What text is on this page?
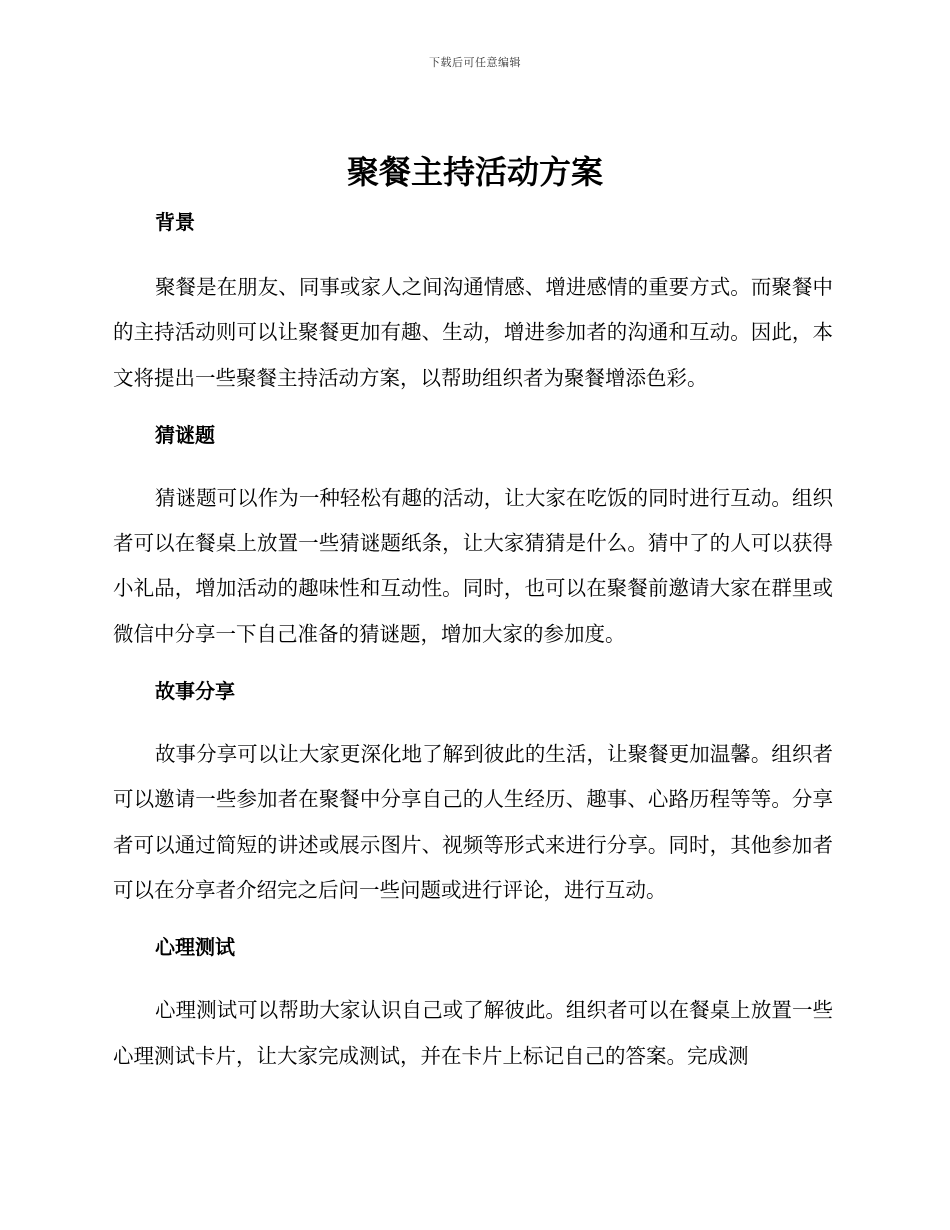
下载后可任意编辑
聚餐主持活动方案
背景

聚餐是在朋友、同事或家人之间沟通情感、增进感情的重要方式。而聚餐中的主持活动则可以让聚餐更加有趣、生动，增进参加者的沟通和互动。因此，本文将提出一些聚餐主持活动方案，以帮助组织者为聚餐增添色彩。

猜谜题

猜谜题可以作为一种轻松有趣的活动，让大家在吃饭的同时进行互动。组织者可以在餐桌上放置一些猜谜题纸条，让大家猜猜是什么。猜中了的人可以获得小礼品，增加活动的趣味性和互动性。同时，也可以在聚餐前邀请大家在群里或微信中分享一下自己准备的猜谜题，增加大家的参加度。

故事分享

故事分享可以让大家更深化地了解到彼此的生活，让聚餐更加温馨。组织者可以邀请一些参加者在聚餐中分享自己的人生经历、趣事、心路历程等等。分享者可以通过简短的讲述或展示图片、视频等形式来进行分享。同时，其他参加者可以在分享者介绍完之后问一些问题或进行评论，进行互动。

心理测试

心理测试可以帮助大家认识自己或了解彼此。组织者可以在餐桌上放置一些心理测试卡片，让大家完成测试，并在卡片上标记自己的答案。完成测
